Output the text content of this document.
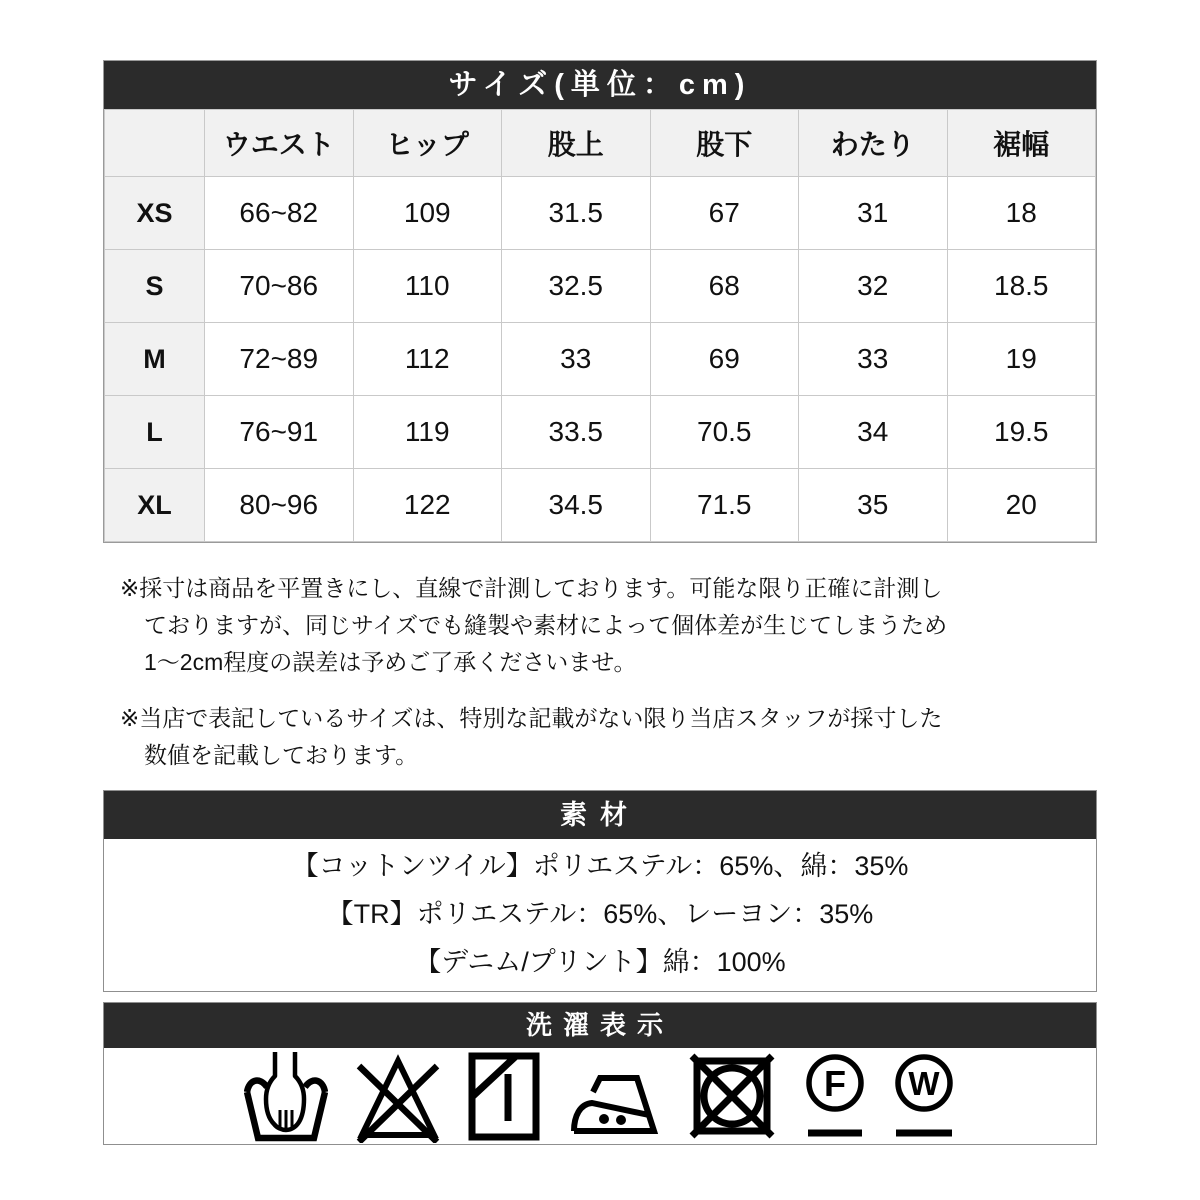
サイズ(単位：cm)
	ウエスト	ヒップ	股上	股下	わたり	裾幅
XS	66~82	109	31.5	67	31	18
S	70~86	110	32.5	68	32	18.5
M	72~89	112	33	69	33	19
L	76~91	119	33.5	70.5	34	19.5
XL	80~96	122	34.5	71.5	35	20
※採寸は商品を平置きにし、直線で計測しております。可能な限り正確に計測し
ておりますが、同じサイズでも縫製や素材によって個体差が生じてしまうため
1〜2cm程度の誤差は予めご了承くださいませ。
※当店で表記しているサイズは、特別な記載がない限り当店スタッフが採寸した
数値を記載しております。
素材
【コットンツイル】ポリエステル：65%、綿：35%
【TR】ポリエステル：65%、レーヨン：35%
【デニム/プリント】綿：100%
洗濯表示
F W
